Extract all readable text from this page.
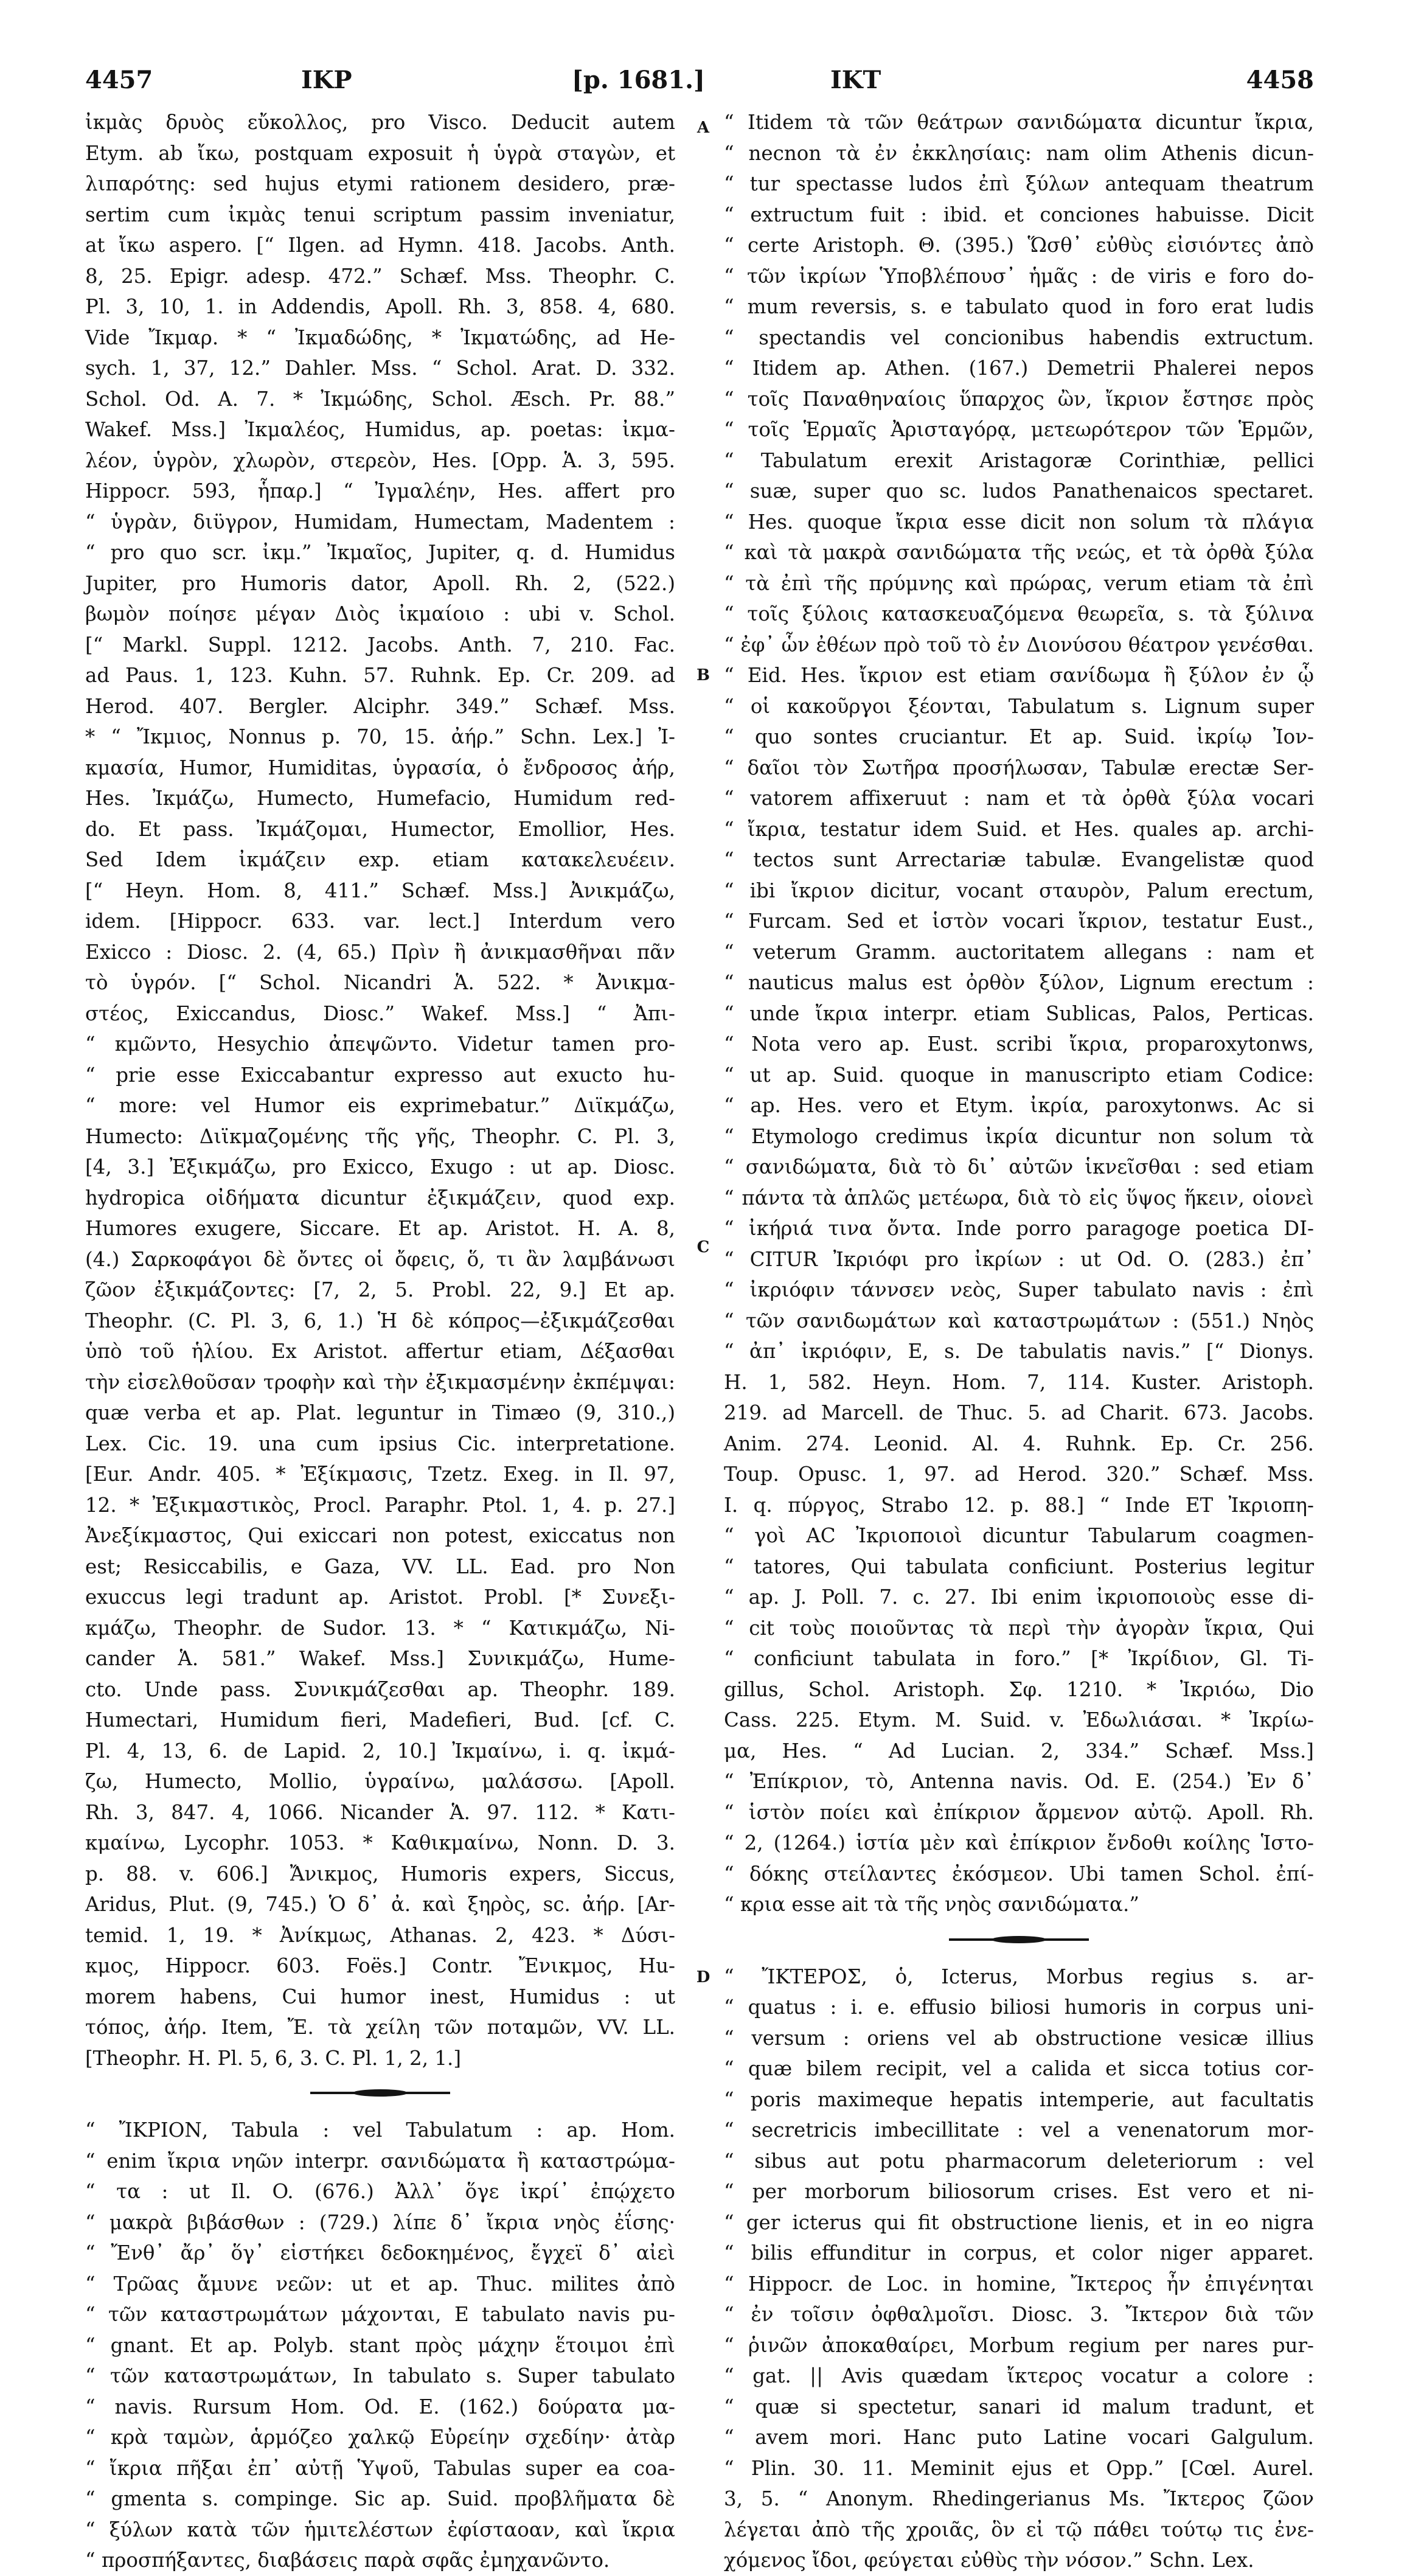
4457	IKP	[p. 1681.]	IKT	4458
A
B
C
D

ἰκμὰς δρυὸς εὔκολλος, pro Visco. Deducit autem

Etym. ab ἴκω, postquam exposuit ἡ ὑγρὰ σταγὼν, et

λιπαρότης: sed hujus etymi rationem desidero, præ-

sertim cum ἰκμὰς tenui scriptum passim inveniatur,

at ἴκω aspero. [“ Ilgen. ad Hymn. 418. Jacobs. Anth.

8, 25. Epigr. adesp. 472.” Schæf. Mss. Theophr. C.

Pl. 3, 10, 1. in Addendis, Apoll. Rh. 3, 858. 4, 680.

Vide Ἴκμαρ. * “ Ἰκμαδώδης, * Ἰκματώδης, ad He-

sych. 1, 37, 12.” Dahler. Mss. “ Schol. Arat. D. 332.

Schol. Od. A. 7. * Ἰκμώδης, Schol. Æsch. Pr. 88.”

Wakef. Mss.] Ἰκμαλέος, Humidus, ap. poetas: ἰκμα-

λέον, ὑγρὸν, χλωρὸν, στερεὸν, Hes. [Opp. Ἁ. 3, 595.

Hippocr. 593, ἧπαρ.] “ Ἰγμαλέην, Hes. affert pro

“ ὑγρὰν, διϋγρον, Humidam, Humectam, Madentem :

“ pro quo scr. ἰκμ.” Ἰκμαῖος, Jupiter, q. d. Humidus

Jupiter, pro Humoris dator, Apoll. Rh. 2, (522.)

βωμὸν ποίησε μέγαν Διὸς ἰκμαίοιο : ubi v. Schol.

[“ Markl. Suppl. 1212. Jacobs. Anth. 7, 210. Fac.

ad Paus. 1, 123. Kuhn. 57. Ruhnk. Ep. Cr. 209. ad

Herod. 407. Bergler. Alciphr. 349.” Schæf. Mss.

* “ Ἴκμιος, Nonnus p. 70, 15. ἀήρ.” Schn. Lex.] Ἰ-

κμασία, Humor, Humiditas, ὑγρασία, ὁ ἔνδροσος ἀήρ,

Hes. Ἰκμάζω, Humecto, Humefacio, Humidum red-

do. Et pass. Ἰκμάζομαι, Humector, Emollior, Hes.

Sed Idem ἰκμάζειν exp. etiam κατακελευέειν.

[“ Heyn. Hom. 8, 411.” Schæf. Mss.] Ἀνικμάζω,

idem. [Hippocr. 633. var. lect.] Interdum vero

Exicco : Diosc. 2. (4, 65.) Πρὶν ἢ ἀνικμασθῆναι πᾶν

τὸ ὑγρόν. [“ Schol. Nicandri Ἁ. 522. * Ἀνικμα-

στέος, Exiccandus, Diosc.” Wakef. Mss.] “ Ἀπι-

“ κμῶντο, Hesychio ἀπεψῶντο. Videtur tamen pro-

“ prie esse Exiccabantur expresso aut exucto hu-

“ more: vel Humor eis exprimebatur.” Διϊκμάζω,

Humecto: Διϊκμαζομένης τῆς γῆς, Theophr. C. Pl. 3,

[4, 3.] Ἐξικμάζω, pro Exicco, Exugo : ut ap. Diosc.

hydropica οἰδήματα dicuntur ἐξικμάζειν, quod exp.

Humores exugere, Siccare. Et ap. Aristot. H. A. 8,

(4.) Σαρκοφάγοι δὲ ὄντες οἱ ὄφεις, ὅ, τι ἂν λαμβάνωσι

ζῶον ἐξικμάζοντες: [7, 2, 5. Probl. 22, 9.] Et ap.

Theophr. (C. Pl. 3, 6, 1.) Ἡ δὲ κόπρος—ἐξικμάζεσθαι

ὑπὸ τοῦ ἡλίου. Ex Aristot. affertur etiam, Δέξασθαι

τὴν εἰσελθοῦσαν τροφὴν καὶ τὴν ἐξικμασμένην ἐκπέμψαι:

quæ verba et ap. Plat. leguntur in Timæo (9, 310.,)

Lex. Cic. 19. una cum ipsius Cic. interpretatione.

[Eur. Andr. 405. * Ἐξίκμασις, Tzetz. Exeg. in Il. 97,

12. * Ἐξικμαστικὸς, Procl. Paraphr. Ptol. 1, 4. p. 27.]

Ἀνεξίκμαστος, Qui exiccari non potest, exiccatus non

est; Resiccabilis, e Gaza, VV. LL. Ead. pro Non

exuccus legi tradunt ap. Aristot. Probl. [* Συνεξι-

κμάζω, Theophr. de Sudor. 13. * “ Κατικμάζω, Ni-

cander Ἁ. 581.” Wakef. Mss.] Συνικμάζω, Hume-

cto. Unde pass. Συνικμάζεσθαι ap. Theophr. 189.

Humectari, Humidum fieri, Madefieri, Bud. [cf. C.

Pl. 4, 13, 6. de Lapid. 2, 10.] Ἰκμαίνω, i. q. ἰκμά-

ζω, Humecto, Mollio, ὑγραίνω, μαλάσσω. [Apoll.

Rh. 3, 847. 4, 1066. Nicander Ἁ. 97. 112. * Κατι-

κμαίνω, Lycophr. 1053. * Καθικμαίνω, Nonn. D. 3.

p. 88. v. 606.] Ἄνικμος, Humoris expers, Siccus,

Aridus, Plut. (9, 745.) Ὁ δ᾽ ἀ. καὶ ξηρὸς, sc. ἀήρ. [Ar-

temid. 1, 19. * Ἀνίκμως, Athanas. 2, 423. * Δύσι-

κμος, Hippocr. 603. Foës.] Contr. Ἔνικμος, Hu-

morem habens, Cui humor inest, Humidus : ut

τόπος, ἀήρ. Item, Ἔ. τὰ χείλη τῶν ποταμῶν, VV. LL.

[Theophr. H. Pl. 5, 6, 3. C. Pl. 1, 2, 1.]

“ ἼΚΡΙΟΝ, Tabula : vel Tabulatum : ap. Hom.

“ enim ἴκρια νηῶν interpr. σανιδώματα ἢ καταστρώμα-

“ τα : ut Il. O. (676.) Ἀλλ᾽ ὅγε ἰκρί᾽ ἐπῴχετο

“ μακρὰ βιβάσθων : (729.) λίπε δ᾽ ἴκρια νηὸς ἐΐσης·

“ Ἔνθ᾽ ἄρ᾽ ὅγ᾽ εἱστήκει δεδοκημένος, ἔγχεϊ δ᾽ αἰεὶ

“ Τρῶας ἄμυνε νεῶν: ut et ap. Thuc. milites ἀπὸ

“ τῶν καταστρωμάτων μάχονται, E tabulato navis pu-

“ gnant. Et ap. Polyb. stant πρὸς μάχην ἕτοιμοι ἐπὶ

“ τῶν καταστρωμάτων, In tabulato s. Super tabulato

“ navis. Rursum Hom. Od. E. (162.) δούρατα μα-

“ κρὰ ταμὼν, ἁρμόζεο χαλκῷ Εὐρείην σχεδίην· ἀτὰρ

“ ἴκρια πῆξαι ἐπ᾽ αὐτῇ Ὑψοῦ, Tabulas super ea coa-

“ gmenta s. compinge. Sic ap. Suid. προβλῆματα δὲ

“ ξύλων κατὰ τῶν ἡμιτελέστων ἐφίσταοαν, καὶ ἴκρια

“ προσπήξαντες, διαβάσεις παρὰ σφᾶς ἐμηχανῶντο.

“ Itidem τὰ τῶν θεάτρων σανιδώματα dicuntur ἴκρια,

“ necnon τὰ ἐν ἐκκλησίαις: nam olim Athenis dicun-

“ tur spectasse ludos ἐπὶ ξύλων antequam theatrum

“ extructum fuit : ibid. et conciones habuisse. Dicit

“ certe Aristoph. Θ. (395.) Ὥσθ᾽ εὐθὺς εἰσιόντες ἀπὸ

“ τῶν ἰκρίων Ὑποβλέπουσ᾽ ἡμᾶς : de viris e foro do-

“ mum reversis, s. e tabulato quod in foro erat ludis

“ spectandis vel concionibus habendis extructum.

“ Itidem ap. Athen. (167.) Demetrii Phalerei nepos

“ τοῖς Παναθηναίοις ὕπαρχος ὢν, ἴκριον ἔστησε πρὸς

“ τοῖς Ἑρμαῖς Ἀρισταγόρᾳ, μετεωρότερον τῶν Ἑρμῶν,

“ Tabulatum erexit Aristagoræ Corinthiæ, pellici

“ suæ, super quo sc. ludos Panathenaicos spectaret.

“ Hes. quoque ἴκρια esse dicit non solum τὰ πλάγια

“ καὶ τὰ μακρὰ σανιδώματα τῆς νεώς, et τὰ ὀρθὰ ξύλα

“ τὰ ἐπὶ τῆς πρύμνης καὶ πρώρας, verum etiam τὰ ἐπὶ

“ τοῖς ξύλοις κατασκευαζόμενα θεωρεῖα, s. τὰ ξύλινα

“ ἐφ᾽ ὧν ἐθέων πρὸ τοῦ τὸ ἐν Διονύσου θέατρον γενέσθαι.

“ Eid. Hes. ἴκριον est etiam σανίδωμα ἢ ξύλον ἐν ᾧ

“ οἱ κακοῦργοι ξέονται, Tabulatum s. Lignum super

“ quo sontes cruciantur. Et ap. Suid. ἰκρίῳ Ἰον-

“ δαῖοι τὸν Σωτῆρα προσήλωσαν, Tabulæ erectæ Ser-

“ vatorem affixeruut : nam et τὰ ὀρθὰ ξύλα vocari

“ ἴκρια, testatur idem Suid. et Hes. quales ap. archi-

“ tectos sunt Arrectariæ tabulæ. Evangelistæ quod

“ ibi ἴκριον dicitur, vocant σταυρὸν, Palum erectum,

“ Furcam. Sed et ἱστὸν vocari ἴκριον, testatur Eust.,

“ veterum Gramm. auctoritatem allegans : nam et

“ nauticus malus est ὀρθὸν ξύλον, Lignum erectum :

“ unde ἴκρια interpr. etiam Sublicas, Palos, Perticas.

“ Nota vero ap. Eust. scribi ἴκρια, proparoxytonws,

“ ut ap. Suid. quoque in manuscripto etiam Codice:

“ ap. Hes. vero et Etym. ἰκρία, paroxytonws. Ac si

“ Etymologo credimus ἰκρία dicuntur non solum τὰ

“ σανιδώματα, διὰ τὸ δι᾽ αὐτῶν ἱκνεῖσθαι : sed etiam

“ πάντα τὰ ἁπλῶς μετέωρα, διὰ τὸ εἰς ὕψος ἥκειν, οἱονεὶ

“ ἰκήριά τινα ὄντα. Inde porro paragoge poetica DI-

“ CITUR Ἰκριόφι pro ἰκρίων : ut Od. O. (283.) ἐπ᾽

“ ἰκριόφιν τάννσεν νεὸς, Super tabulato navis : ἐπὶ

“ τῶν σανιδωμάτων καὶ καταστρωμάτων : (551.) Νηὸς

“ ἀπ᾽ ἰκριόφιν, E, s. De tabulatis navis.” [“ Dionys.

H. 1, 582. Heyn. Hom. 7, 114. Kuster. Aristoph.

219. ad Marcell. de Thuc. 5. ad Charit. 673. Jacobs.

Anim. 274. Leonid. Al. 4. Ruhnk. Ep. Cr. 256.

Toup. Opusc. 1, 97. ad Herod. 320.” Schæf. Mss.

I. q. πύργος, Strabo 12. p. 88.] “ Inde ET Ἰκριοπη-

“ γοὶ AC Ἰκριοποιοὶ dicuntur Tabularum coagmen-

“ tatores, Qui tabulata conficiunt. Posterius legitur

“ ap. J. Poll. 7. c. 27. Ibi enim ἰκριοποιοὺς esse di-

“ cit τοὺς ποιοῦντας τὰ περὶ τὴν ἀγορὰν ἴκρια, Qui

“ conficiunt tabulata in foro.” [* Ἰκρίδιον, Gl. Ti-

gillus, Schol. Aristoph. Σφ. 1210. * Ἰκριόω, Dio

Cass. 225. Etym. M. Suid. v. Ἐδωλιάσαι. * Ἰκρίω-

μα, Hes. “ Ad Lucian. 2, 334.” Schæf. Mss.]

“ Ἐπίκριον, τὸ, Antenna navis. Od. E. (254.) Ἐν δ᾽

“ ἱστὸν ποίει καὶ ἐπίκριον ἄρμενον αὐτῷ. Apoll. Rh.

“ 2, (1264.) ἱστία μὲν καὶ ἐπίκριον ἔνδοθι κοίλης Ἱστο-

“ δόκης στείλαντες ἐκόσμεον. Ubi tamen Schol. ἐπί-

“ κρια esse ait τὰ τῆς νηὸς σανιδώματα.”

“ ἼΚΤΕΡΟΣ, ὁ, Icterus, Morbus regius s. ar-

“ quatus : i. e. effusio biliosi humoris in corpus uni-

“ versum : oriens vel ab obstructione vesicæ illius

“ quæ bilem recipit, vel a calida et sicca totius cor-

“ poris maximeque hepatis intemperie, aut facultatis

“ secretricis imbecillitate : vel a venenatorum mor-

“ sibus aut potu pharmacorum deleteriorum : vel

“ per morborum biliosorum crises. Est vero et ni-

“ ger icterus qui fit obstructione lienis, et in eo nigra

“ bilis effunditur in corpus, et color niger apparet.

“ Hippocr. de Loc. in homine, Ἴκτερος ἦν ἐπιγένηται

“ ἐν τοῖσιν ὀφθαλμοῖσι. Diosc. 3. Ἴκτερον διὰ τῶν

“ ῥινῶν ἀποκαθαίρει, Morbum regium per nares pur-

“ gat. || Avis quædam ἴκτερος vocatur a colore :

“ quæ si spectetur, sanari id malum tradunt, et

“ avem mori. Hanc puto Latine vocari Galgulum.

“ Plin. 30. 11. Meminit ejus et Opp.” [Cœl. Aurel.

3, 5. “ Anonym. Rhedingerianus Ms. Ἴκτερος ζῶον

λέγεται ἀπὸ τῆς χροιᾶς, ὃν εἰ τῷ πάθει τούτῳ τις ἐνε-

χόμενος ἴδοι, φεύγεται εὐθὺς τὴν νόσον.” Schn. Lex.
